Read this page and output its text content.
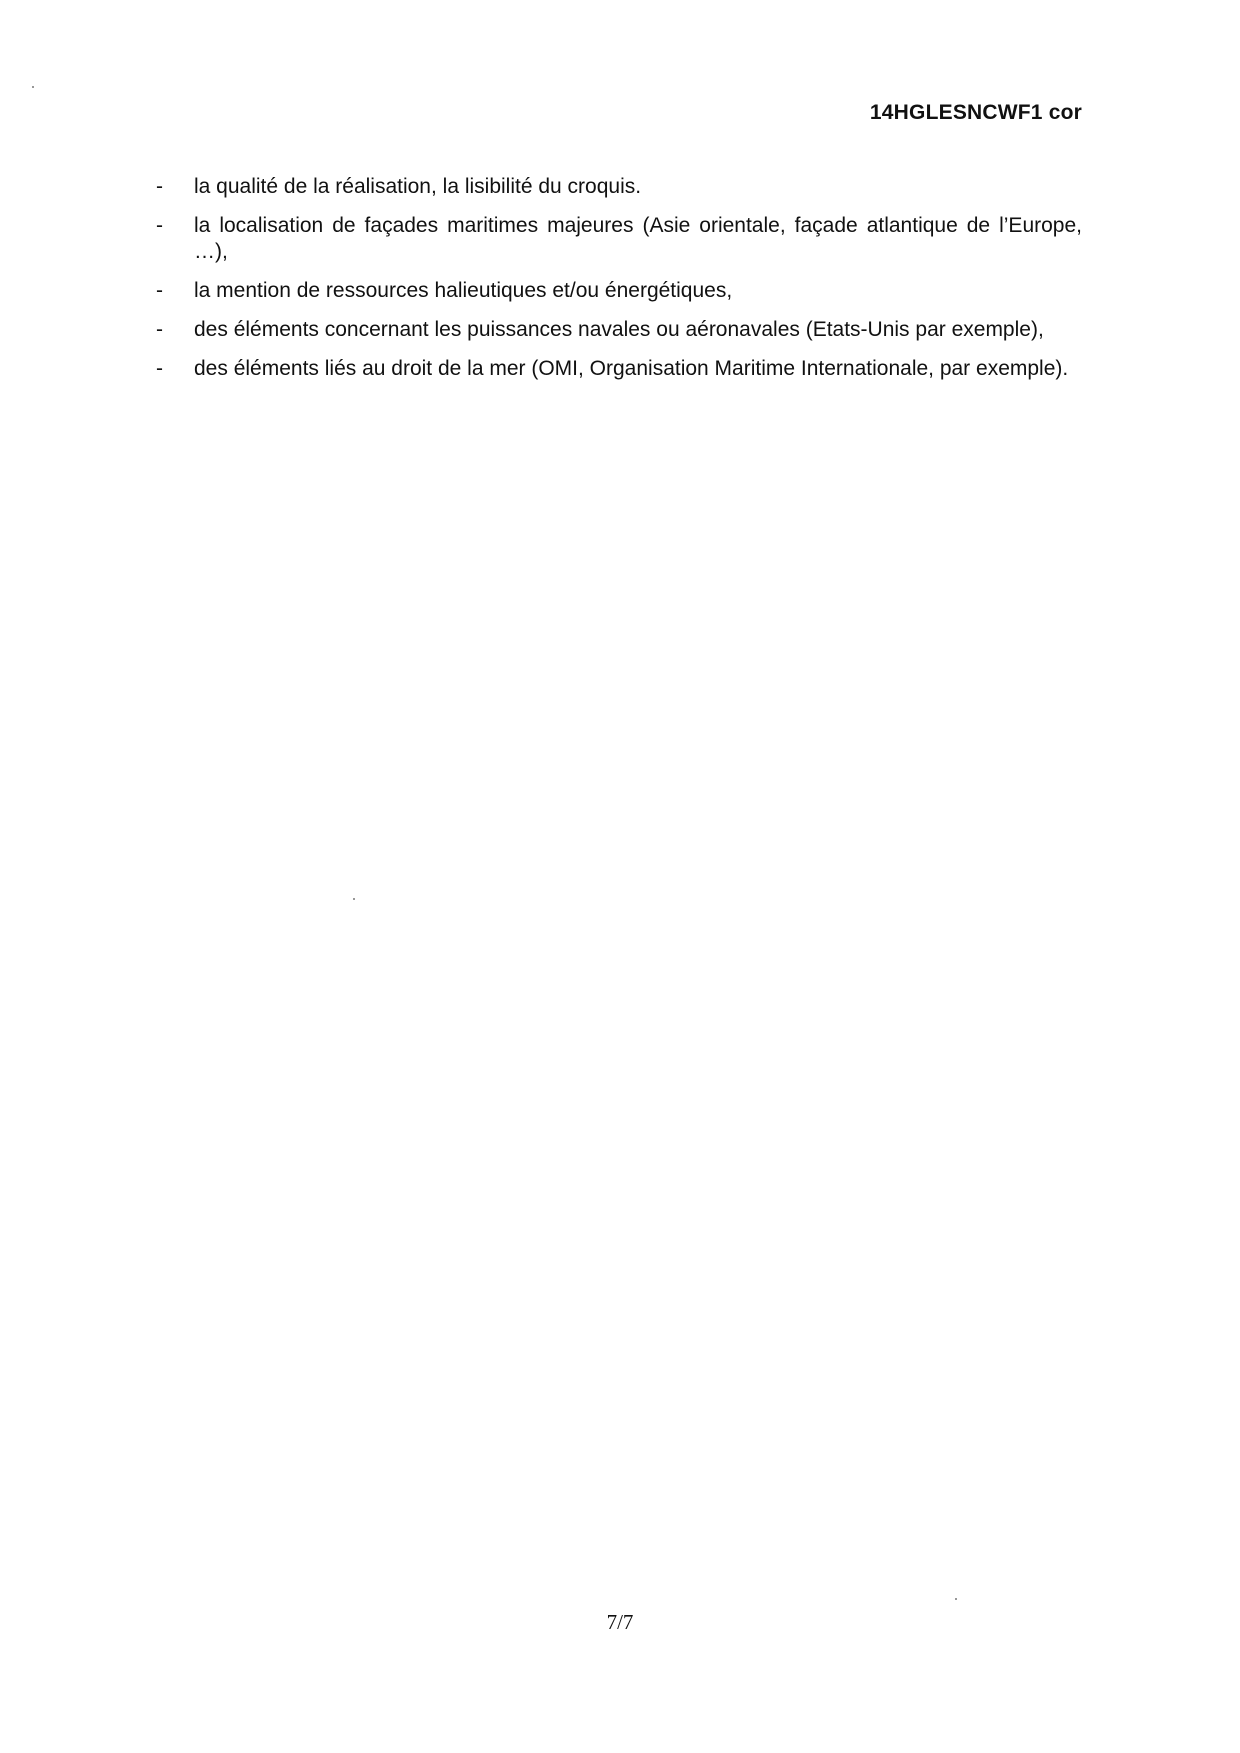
14HGLESNCWF1 cor
-	la qualité de la réalisation, la lisibilité du croquis.
-	la localisation de façades maritimes majeures (Asie orientale, façade atlantique de l’Europe, …),
-	la mention de ressources halieutiques et/ou énergétiques,
-	des éléments concernant les puissances navales ou aéronavales (Etats-Unis par exemple),
-	des éléments liés au droit de la mer (OMI, Organisation Maritime Internationale, par exemple).
7/7
